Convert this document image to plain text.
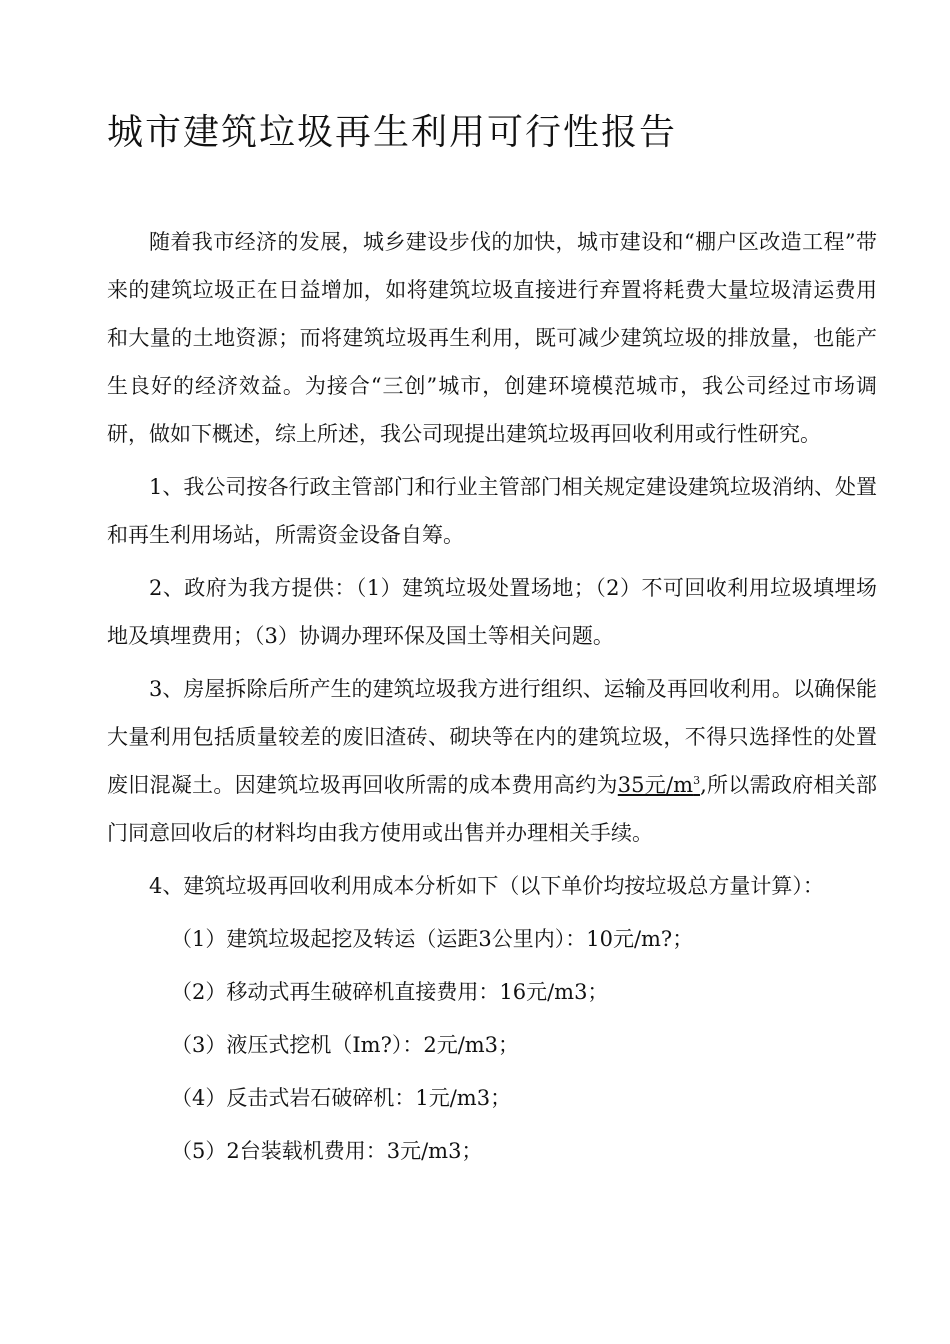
城市建筑垃圾再生利用可行性报告

随着我市经济的发展，城乡建设步伐的加快，城市建设和“棚户区改造工程”带来的建筑垃圾正在日益增加，如将建筑垃圾直接进行弃置将耗费大量垃圾清运费用和大量的土地资源；而将建筑垃圾再生利用，既可减少建筑垃圾的排放量，也能产生良好的经济效益。为接合“三创”城市，创建环境模范城市，我公司经过市场调研，做如下概述，综上所述，我公司现提出建筑垃圾再回收利用或行性研究。

1、我公司按各行政主管部门和行业主管部门相关规定建设建筑垃圾消纳、处置和再生利用场站，所需资金设备自筹。

2、政府为我方提供：（1）建筑垃圾处置场地；（2）不可回收利用垃圾填埋场地及填埋费用；（3）协调办理环保及国土等相关问题。

3、房屋拆除后所产生的建筑垃圾我方进行组织、运输及再回收利用。以确保能大量利用包括质量较差的废旧渣砖、砌块等在内的建筑垃圾，不得只选择性的处置废旧混凝土。因建筑垃圾再回收所需的成本费用高约为35元$/m^3$,所以需政府相关部门同意回收后的材料均由我方使用或出售并办理相关手续。

4、建筑垃圾再回收利用成本分析如下（以下单价均按垃圾总方量计算）：

（1）建筑垃圾起挖及转运（运距3公里内）：10元/m?；
（2）移动式再生破碎机直接费用：16元/m3；
（3）液压式挖机（Im?）：2元/m3；
（4）反击式岩石破碎机：1元/m3；
（5）2台装载机费用：3元/m3；
